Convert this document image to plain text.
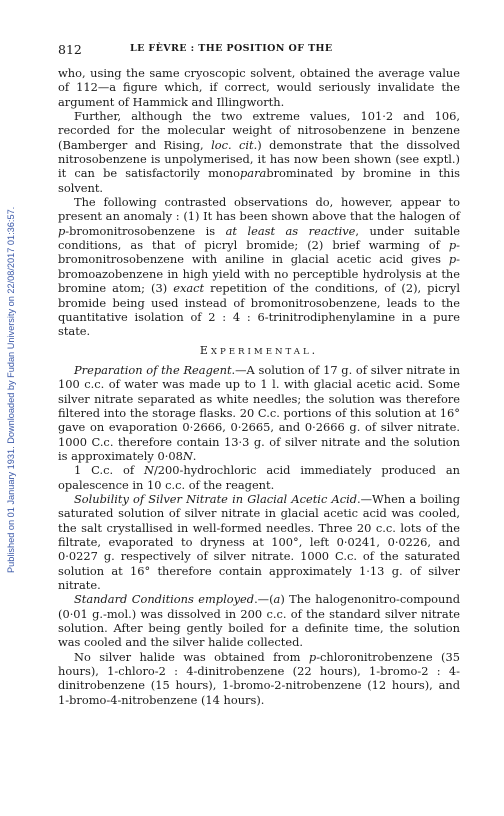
812	LE FÈVRE : THE POSITION OF THE
Published on 01 January 1931. Downloaded by Fudan University on 22/08/2017 01:36:57.

who, using the same cryoscopic solvent, obtained the average value of 112—a figure which, if correct, would seriously invalidate the argument of Hammick and Illingworth.

Further, although the two extreme values, 101·2 and 106, recorded for the molecular weight of nitrosobenzene in benzene (Bamberger and Rising, loc. cit.) demonstrate that the dissolved nitrosobenzene is unpolymerised, it has now been shown (see exptl.) it can be satisfactorily monoparabrominated by bromine in this solvent.

The following contrasted observations do, however, appear to present an anomaly : (1) It has been shown above that the halogen of p-bromonitrosobenzene is at least as reactive, under suitable conditions, as that of picryl bromide; (2) brief warming of p-bromonitrosobenzene with aniline in glacial acetic acid gives p-bromoazobenzene in high yield with no perceptible hydrolysis at the bromine atom; (3) exact repetition of the conditions, of (2), picryl bromide being used instead of bromonitrosobenzene, leads to the quantitative isolation of 2 : 4 : 6-trinitrodiphenylamine in a pure state.

EXPERIMENTAL.

Preparation of the Reagent.—A solution of 17 g. of silver nitrate in 100 c.c. of water was made up to 1 l. with glacial acetic acid. Some silver nitrate separated as white needles; the solution was therefore filtered into the storage flasks. 20 C.c. portions of this solution at 16° gave on evaporation 0·2666, 0·2665, and 0·2666 g. of silver nitrate. 1000 C.c. therefore contain 13·3 g. of silver nitrate and the solution is approximately 0·08N.

1 C.c. of N/200-hydrochloric acid immediately produced an opalescence in 10 c.c. of the reagent.

Solubility of Silver Nitrate in Glacial Acetic Acid.—When a boiling saturated solution of silver nitrate in glacial acetic acid was cooled, the salt crystallised in well-formed needles. Three 20 c.c. lots of the filtrate, evaporated to dryness at 100°, left 0·0241, 0·0226, and 0·0227 g. respectively of silver nitrate. 1000 C.c. of the saturated solution at 16° therefore contain approximately 1·13 g. of silver nitrate.

Standard Conditions employed.—(a) The halogenonitro-compound (0·01 g.-mol.) was dissolved in 200 c.c. of the standard silver nitrate solution. After being gently boiled for a definite time, the solution was cooled and the silver halide collected.

No silver halide was obtained from p-chloronitrobenzene (35 hours), 1-chloro-2 : 4-dinitrobenzene (22 hours), 1-bromo-2 : 4-dinitrobenzene (15 hours), 1-bromo-2-nitrobenzene (12 hours), and 1-bromo-4-nitrobenzene (14 hours).
